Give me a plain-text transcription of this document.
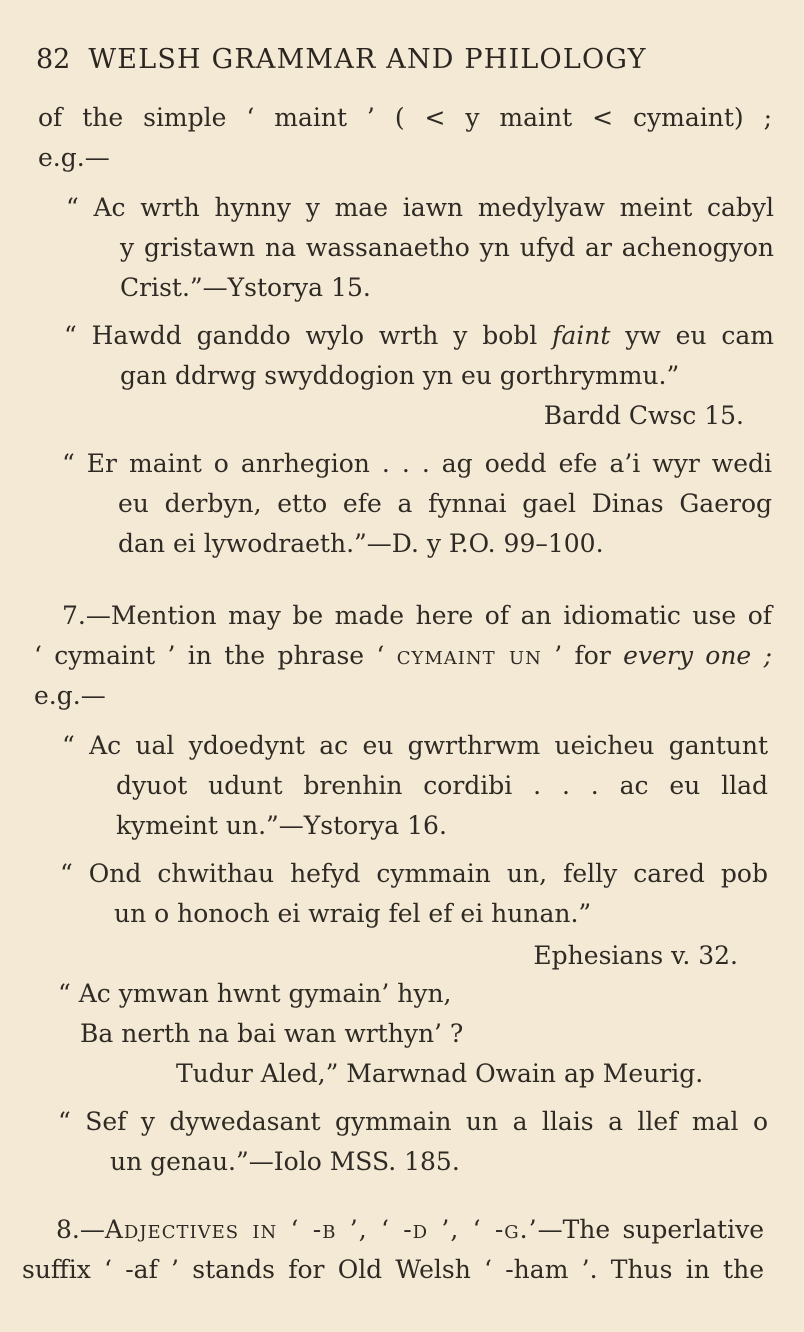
82 WELSH GRAMMAR AND PHILOLOGY
of the simple ‘ maint ’ ( < y maint < cymaint) ;
e.g.—
“ Ac wrth hynny y mae iawn medylyaw meint cabyl
y gristawn na wassanaetho yn ufyd ar achenogyon
Crist.”—Ystorya 15.
“ Hawdd ganddo wylo wrth y bobl faint yw eu cam
gan ddrwg swyddogion yn eu gorthrymmu.”
Bardd Cwsc 15.
“ Er maint o anrhegion . . . ag oedd efe a’i wyr wedi
eu derbyn, etto efe a fynnai gael Dinas Gaerog
dan ei lywodraeth.”—D. y P.O. 99–100.
7.—Mention may be made here of an idiomatic use of
‘ cymaint ’ in the phrase ‘ cymaint un ’ for every one ;
e.g.—
“ Ac ual ydoedynt ac eu gwrthrwm ueicheu gantunt
dyuot udunt brenhin cordibi . . . ac eu llad
kymeint un.”—Ystorya 16.
“ Ond chwithau hefyd cymmain un, felly cared pob
un o honoch ei wraig fel ef ei hunan.”
Ephesians v. 32.
“ Ac ymwan hwnt gymain’ hyn,
Ba nerth na bai wan wrthyn’ ?
Tudur Aled,” Marwnad Owain ap Meurig.
“ Sef y dywedasant gymmain un a llais a llef mal o
un genau.”—Iolo MSS. 185.
8.—Adjectives in ‘ -b ’, ‘ -d ’, ‘ -g.’—The superlative
suffix ‘ -af ’ stands for Old Welsh ‘ -ham ’. Thus in the
